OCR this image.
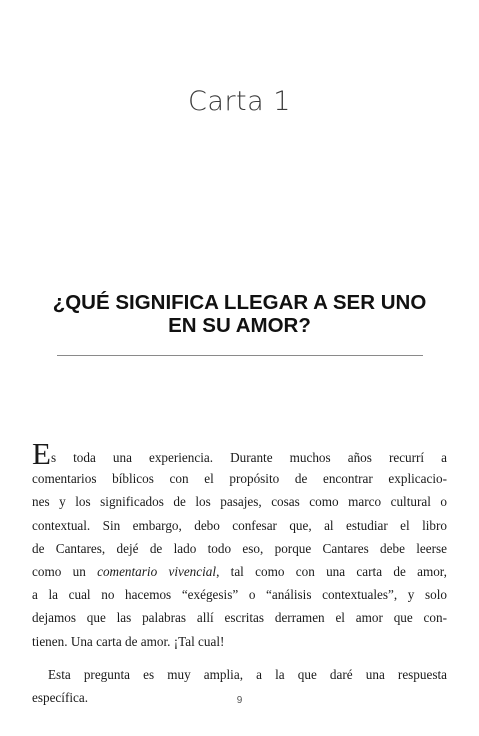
Carta 1
¿QUÉ SIGNIFICA LLEGAR A SER UNO
EN SU AMOR?
Es toda una experiencia. Durante muchos años recurrí a
comentarios bíblicos con el propósito de encontrar explicacio-
nes y los significados de los pasajes, cosas como marco cultural o
contextual. Sin embargo, debo confesar que, al estudiar el libro
de Cantares, dejé de lado todo eso, porque Cantares debe leerse
como un comentario vivencial, tal como con una carta de amor,
a la cual no hacemos “exégesis” o “análisis contextuales”, y solo
dejamos que las palabras allí escritas derramen el amor que con-
tienen. Una carta de amor. ¡Tal cual!
Esta pregunta es muy amplia, a la que daré una respuesta
específica.	9
